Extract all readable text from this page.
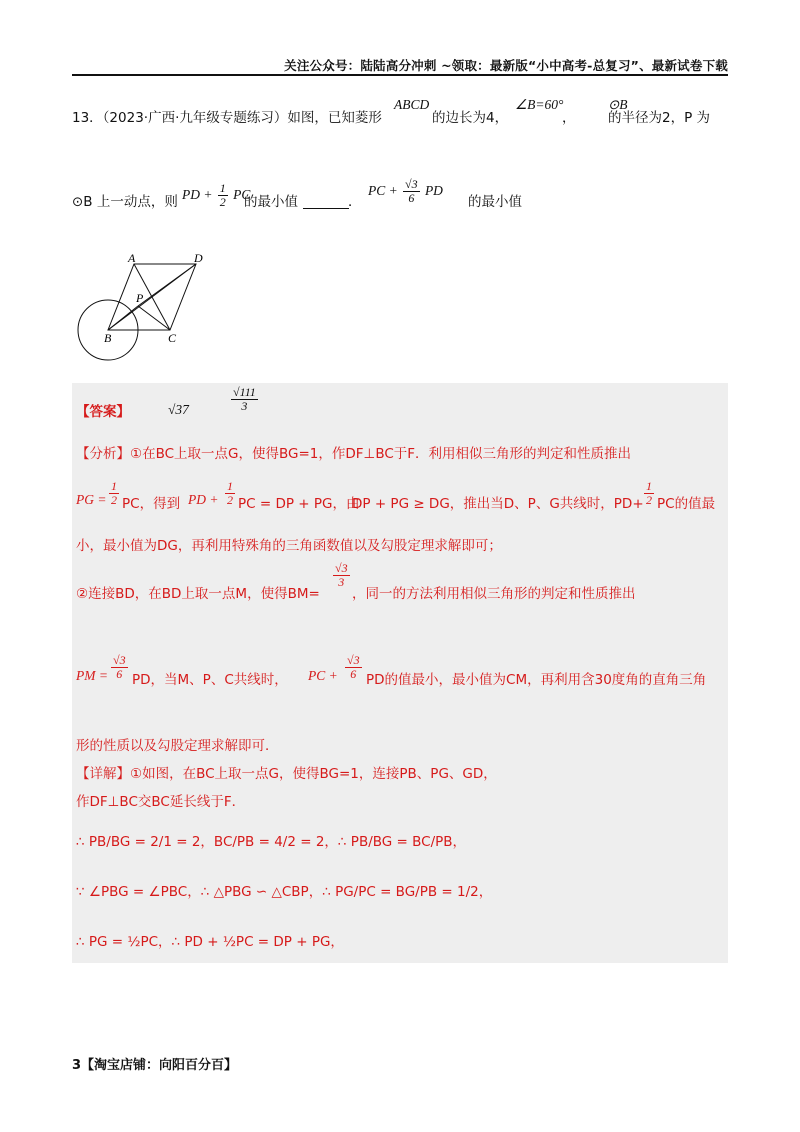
关注公众号：陆陆高分冲刺 ~领取：最新版“小中高考-总复习”、最新试卷下载
13．（2023·广西·九年级专题练习）如图，已知菱形
ABCD
的边长为4，
∠B=60°
，
⊙B
的半径为2，P 为
⊙B 上一动点，则 PD + $\frac{1}{2}$ PC
的最小值	．
PC + $\frac{√3}{6}$ PD
的最小值
A	D
P
B	C
【答案】	√37	$\frac{√111}{3}$
【分析】①在BC上取一点G，使得BG=1，作DF⊥BC于F．利用相似三角形的判定和性质推出
PG = $\frac{1}{2}$ PC，得到 PD + $\frac{1}{2}$ PC = DP + PG，由
DP + PG ≥ DG，推出当D、P、G共线时，$PD+ \frac{1}{2}$ PC的值最
小，最小值为DG，再利用特殊角的三角函数值以及勾股定理求解即可；
②连接BD，在BD上取一点M，使得BM=
$\frac{√3}{3}$
，同一的方法利用相似三角形的判定和性质推出
PM = $\frac{√3}{6}$ PD，当M、P、C共线时， PC + $\frac{√3}{6}$ PD的值最小，最小值为CM，再利用含30度角的直角三角
形的性质以及勾股定理求解即可．
【详解】①如图，在BC上取一点G，使得BG=1，连接PB、PG、GD，
作DF⊥BC交BC延长线于F．
∴ PB/BG = 2/1 = 2，BC/PB = 4/2 = 2，∴ PB/BG = BC/PB，
∵ ∠PBG = ∠PBC，∴ △PBG ∽ △CBP，∴ PG/PC = BG/PB = 1/2，
∴ PG = ½PC，∴ PD + ½PC = DP + PG，
3【淘宝店铺：向阳百分百】
